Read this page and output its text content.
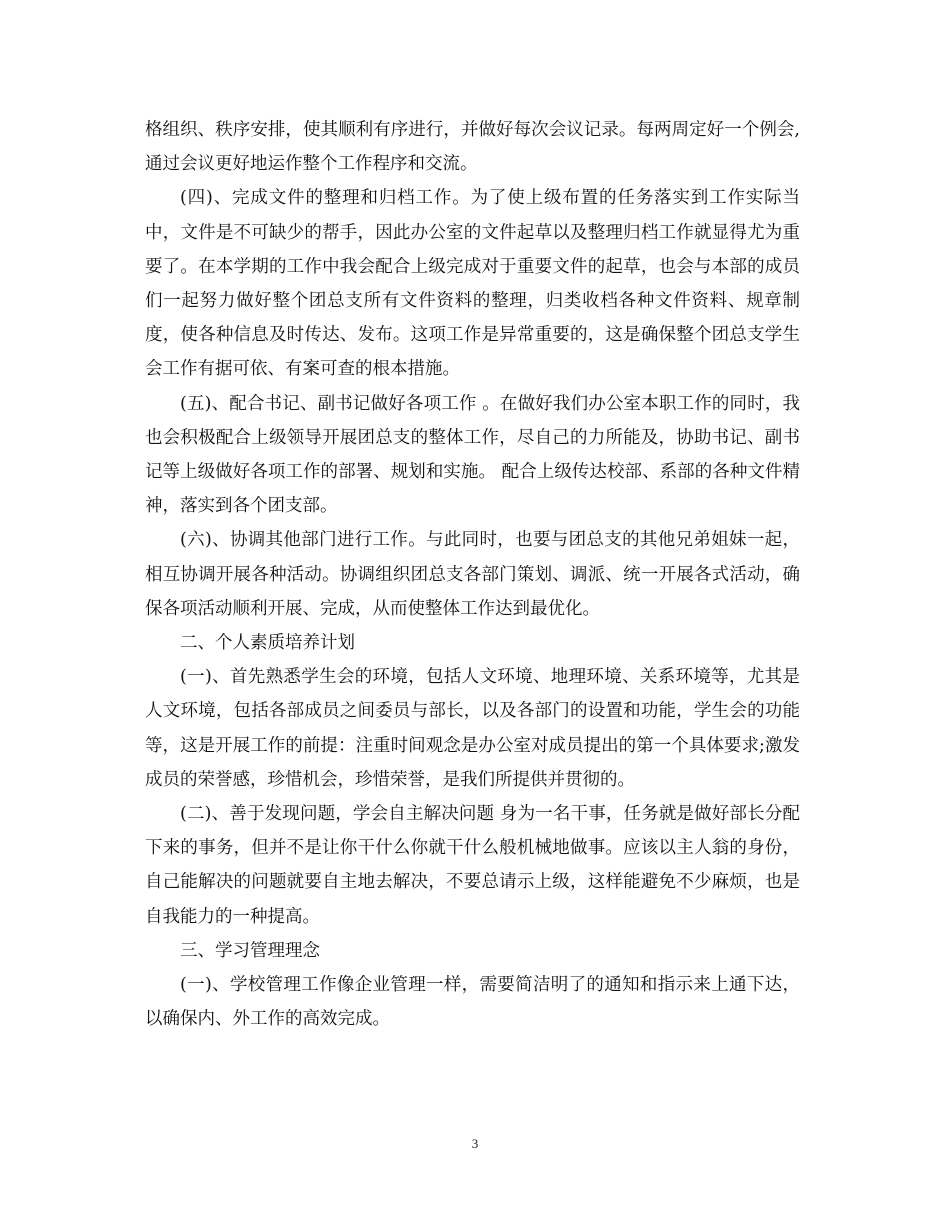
格组织、秩序安排，使其顺利有序进行，并做好每次会议记录。每两周定好一个例会,通过会议更好地运作整个工作程序和交流。

(四)、完成文件的整理和归档工作。为了使上级布置的任务落实到工作实际当中，文件是不可缺少的帮手，因此办公室的文件起草以及整理归档工作就显得尤为重要了。在本学期的工作中我会配合上级完成对于重要文件的起草，也会与本部的成员们一起努力做好整个团总支所有文件资料的整理，归类收档各种文件资料、规章制度，使各种信息及时传达、发布。这项工作是异常重要的，这是确保整个团总支学生会工作有据可依、有案可查的根本措施。

(五)、配合书记、副书记做好各项工作 。在做好我们办公室本职工作的同时，我也会积极配合上级领导开展团总支的整体工作，尽自己的力所能及，协助书记、副书记等上级做好各项工作的部署、规划和实施。 配合上级传达校部、系部的各种文件精神，落实到各个团支部。

(六)、协调其他部门进行工作。与此同时，也要与团总支的其他兄弟姐妹一起，相互协调开展各种活动。协调组织团总支各部门策划、调派、统一开展各式活动，确保各项活动顺利开展、完成，从而使整体工作达到最优化。

二、个人素质培养计划

(一)、首先熟悉学生会的环境，包括人文环境、地理环境、关系环境等，尤其是人文环境，包括各部成员之间委员与部长，以及各部门的设置和功能，学生会的功能等，这是开展工作的前提：注重时间观念是办公室对成员提出的第一个具体要求;激发成员的荣誉感，珍惜机会，珍惜荣誉，是我们所提供并贯彻的。

(二)、善于发现问题，学会自主解决问题 身为一名干事，任务就是做好部长分配下来的事务，但并不是让你干什么你就干什么般机械地做事。应该以主人翁的身份，自己能解决的问题就要自主地去解决，不要总请示上级，这样能避免不少麻烦，也是自我能力的一种提高。

三、学习管理理念

(一)、学校管理工作像企业管理一样，需要简洁明了的通知和指示来上通下达，以确保内、外工作的高效完成。

3
